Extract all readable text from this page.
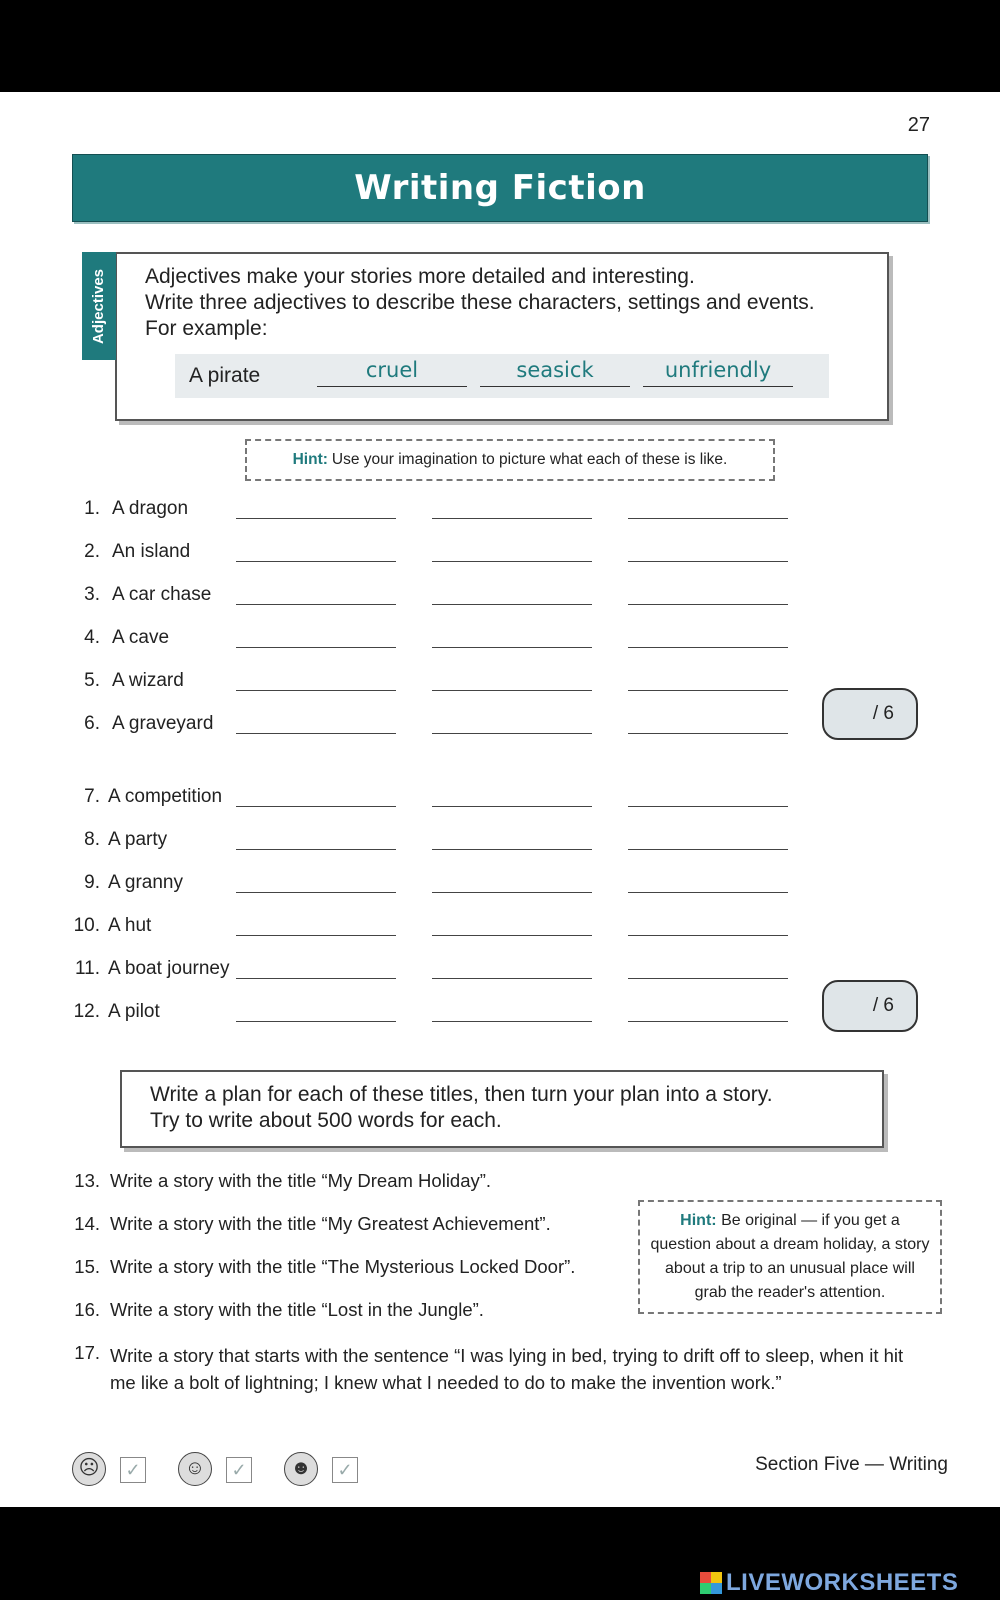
27
Writing Fiction
Adjectives make your stories more detailed and interesting.
Write three adjectives to describe these characters, settings and events.
For example:
A pirate	cruel	seasick	unfriendly
Adjectives
Hint: Use your imagination to picture what each of these is like.
1. A dragon
2. An island
3. A car chase
4. A cave
5. A wizard
6. A graveyard	/ 6
7. A competition
8. A party
9. A granny
10. A hut
11. A boat journey
12. A pilot	/ 6
Write a plan for each of these titles, then turn your plan into a story.
Try to write about 500 words for each.
13. Write a story with the title “My Dream Holiday”.
14. Write a story with the title “My Greatest Achievement”.
15. Write a story with the title “The Mysterious Locked Door”.
16. Write a story with the title “Lost in the Jungle”.
17. Write a story that starts with the sentence “I was lying in bed, trying to drift off to sleep, when it hit me like a bolt of lightning; I knew what I needed to do to make the invention work.”
Hint: Be original — if you get a question about a dream holiday, a story about a trip to an unusual place will grab the reader's attention.
☹	✓	☺	✓	☻	✓	Section Five — Writing
LIVEWORKSHEETS
